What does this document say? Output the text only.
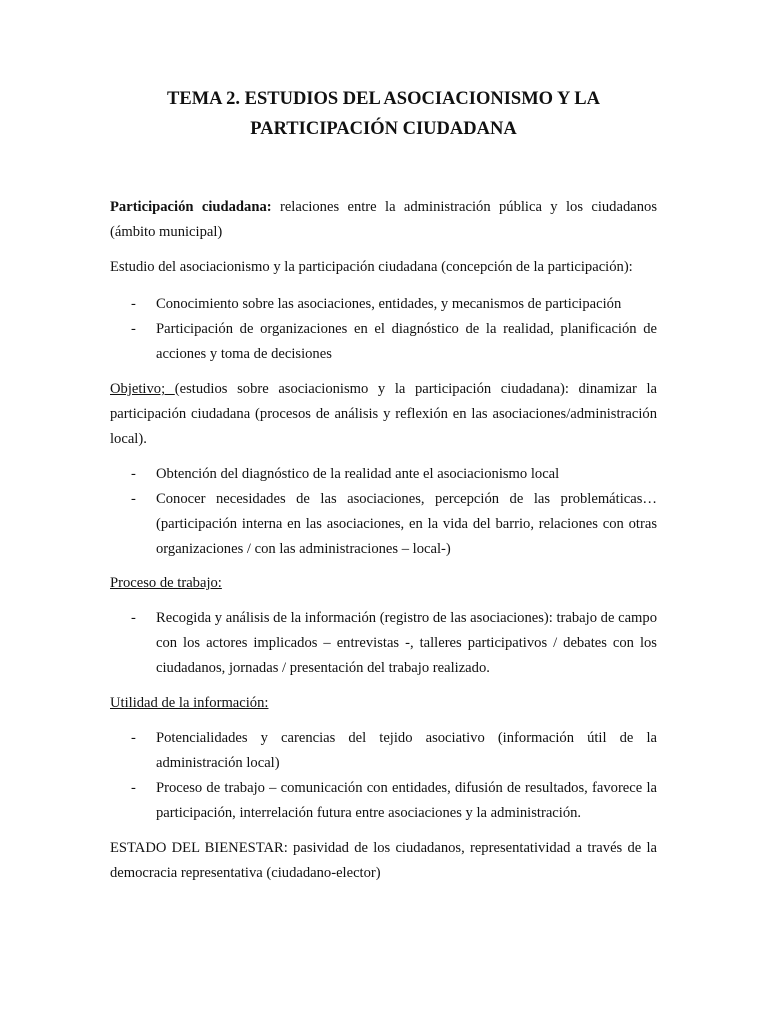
TEMA 2. ESTUDIOS DEL ASOCIACIONISMO Y LA
PARTICIPACIÓN CIUDADANA

Participación ciudadana: relaciones entre la administración pública y los ciudadanos (ámbito municipal)

Estudio del asociacionismo y la participación ciudadana (concepción de la participación):

- Conocimiento sobre las asociaciones, entidades, y mecanismos de participación
- Participación de organizaciones en el diagnóstico de la realidad, planificación de acciones y toma de decisiones

Objetivo; (estudios sobre asociacionismo y la participación ciudadana): dinamizar la participación ciudadana (procesos de análisis y reflexión en las asociaciones/administración local).

- Obtención del diagnóstico de la realidad ante el asociacionismo local
- Conocer necesidades de las asociaciones, percepción de las problemáticas… (participación interna en las asociaciones, en la vida del barrio, relaciones con otras organizaciones / con las administraciones – local-)

Proceso de trabajo:

- Recogida y análisis de la información (registro de las asociaciones): trabajo de campo con los actores implicados – entrevistas -, talleres participativos / debates con los ciudadanos, jornadas / presentación del trabajo realizado.

Utilidad de la información:

- Potencialidades y carencias del tejido asociativo (información útil de la administración local)
- Proceso de trabajo – comunicación con entidades, difusión de resultados, favorece la participación, interrelación futura entre asociaciones y la administración.

ESTADO DEL BIENESTAR: pasividad de los ciudadanos, representatividad a través de la democracia representativa (ciudadano-elector)
